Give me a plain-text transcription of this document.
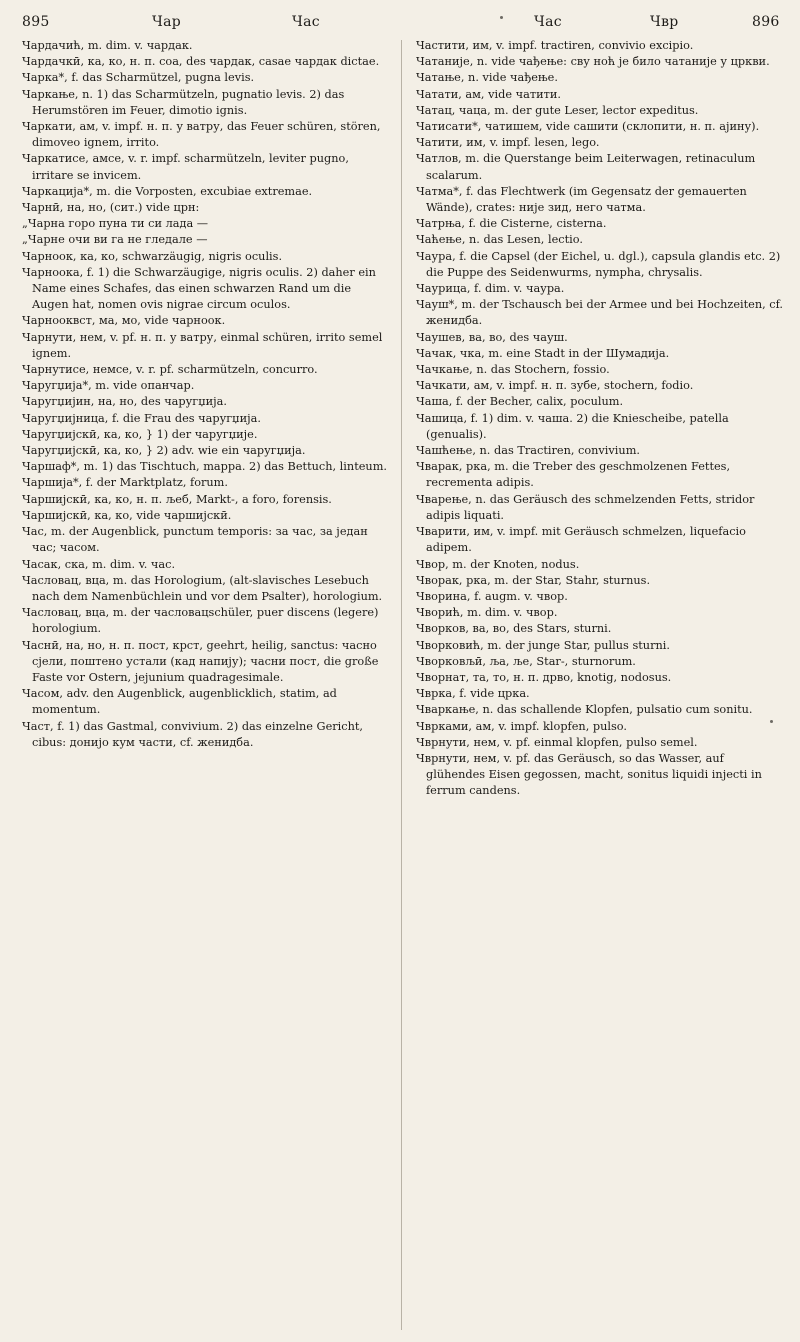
895	Чар	Час	Час	Чвр	896
Чардачић, m. dim. v. чардак.
Чардачкӣ, ка, ко, н. п. соа, des чардак, casae чардак dictae.
Чарка*, f. das Scharmützel, pugna levis.
Чаркање, n. 1) das Scharmützeln, pugnatio levis. 2) das Herumstören im Feuer, dimotio ignis.
Чаркати, ам, v. impf. н. п. у ватру, das Feuer schüren, stören, dimoveo ignem, irrito.
Чаркатисе, амсе, v. r. impf. scharmützeln, leviter pugno, irritare se invicem.
Чаркација*, m. die Vorposten, excubiae extremae.
Чарнӣ, на, но, (сит.) vide црн:
„Чарна горо пуна ти си лада —
„Чарне очи ви га не гледале —
Чарноок, ка, ко, schwarzäugig, nigris oculis.
Чарноока, f. 1) die Schwarzäugige, nigris oculis. 2) daher ein Name eines Schafes, das einen schwarzen Rand um die Augen hat, nomen ovis nigrae circum oculos.
Чарнооквст, ма, мо, vide чарноок.
Чарнути, нем, v. pf. н. п. у ватру, einmal schüren, irrito semel ignem.
Чарнутисе, немсе, v. r. pf. scharmützeln, concurro.
Чаругџија*, m. vide опанчар.
Чаругџијин, на, но, des чаругџија.
Чаругџијница, f. die Frau des чаругџија.
Чаругџијскӣ, ка, ко, } 1) der чаругџије.
Чаругџијскӣ, ка, ко, } 2) adv. wie ein чаругџија.
Чаршаф*, m. 1) das Tischtuch, mappa. 2) das Bettuch, linteum.
Чаршија*, f. der Marktplatz, forum.
Чаршијскӣ, ка, ко, н. п. љеб, Markt-, a foro, forensis.
Чаршијскӣ, ка, ко, vide чаршијскӣ.
Час, m. der Augenblick, punctum temporis: за час, за један час; часом.
Часак, ска, m. dim. v. час.
Часловац, вца, m. das Horologium, (alt-slavisches Lesebuch nach dem Namenbüchlein und vor dem Psalter), horologium.
Часловац, вца, m. der часловацschüler, puer discens (legere) horologium.
Часнӣ, на, но, н. п. пост, крст, geehrt, heilig, sanctus: часно сјели, поштено устали (кад напију); часни пост, die große Faste vor Ostern, jejunium quadragesimale.
Часом, adv. den Augenblick, augenblicklich, statim, ad momentum.
Част, f. 1) das Gastmal, convivium. 2) das einzelne Gericht, cibus: донијо кум части, cf. женидба.
Частити, им, v. impf. tractiren, convivio excipio.
Чатаније, n. vide чађење: сву ноћ је било чатаније у цркви.
Чатање, n. vide чађење.
Чатати, ам, vide чатити.
Чатац, чаца, m. der gute Leser, lector expeditus.
Чатисати*, чатишем, vide сашити (склопити, н. п. ајину).
Чатити, им, v. impf. lesen, lego.
Чатлов, m. die Querstange beim Leiterwagen, retinaculum scalarum.
Чатма*, f. das Flechtwerk (im Gegensatz der gemauerten Wände), crates: није зид, него чатма.
Чатрња, f. die Cisterne, cisterna.
Чаћење, n. das Lesen, lectio.
Чаура, f. die Capsel (der Eichel, u. dgl.), capsula glandis etc. 2) die Puppe des Seidenwurms, nympha, chrysalis.
Чаурица, f. dim. v. чаура.
Чауш*, m. der Tschausch bei der Armee und bei Hochzeiten, cf. женидба.
Чаушев, ва, во, des чауш.
Чачак, чка, m. eine Stadt in der Шумадија.
Чачкање, n. das Stochern, fossio.
Чачкати, ам, v. impf. н. п. зубе, stochern, fodio.
Чаша, f. der Becher, calix, poculum.
Чашица, f. 1) dim. v. чаша. 2) die Kniescheibe, patella (genualis).
Чашћење, n. das Tractiren, convivium.
Чварак, рка, m. die Treber des geschmolzenen Fettes, recrementa adipis.
Чварење, n. das Geräusch des schmelzenden Fetts, stridor adipis liquati.
Чварити, им, v. impf. mit Geräusch schmelzen, liquefacio adipem.
Чвор, m. der Knoten, nodus.
Чворак, рка, m. der Star, Stahr, sturnus.
Чворина, f. augm. v. чвор.
Чворић, m. dim. v. чвор.
Чворков, ва, во, des Stars, sturni.
Чворковић, m. der junge Star, pullus sturni.
Чворковљӣ, ља, ље, Star-, sturnorum.
Чворнат, та, то, н. п. дрво, knotig, nodosus.
Чврка, f. vide црка.
Чваркање, n. das schallende Klopfen, pulsatio cum sonitu.
Чврками, ам, v. impf. klopfen, pulso.
Чврнути, нем, v. pf. einmal klopfen, pulso semel.
Чврнути, нем, v. pf. das Geräusch, so das Wasser, auf glühendes Eisen gegossen, macht, sonitus liquidi injecti in ferrum candens.
